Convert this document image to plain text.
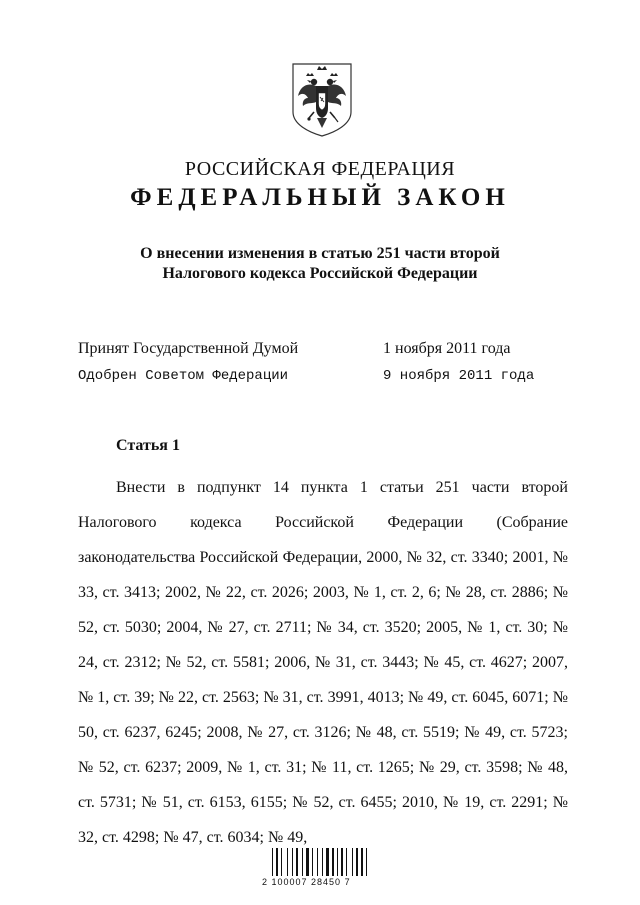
РОССИЙСКАЯ ФЕДЕРАЦИЯ
ФЕДЕРАЛЬНЫЙ ЗАКОН
О внесении изменения в статью 251 части второй
Налогового кодекса Российской Федерации
Принят Государственной Думой	1 ноября 2011 года
Одобрен Советом Федерации	9 ноября 2011 года
Статья 1

Внести в подпункт 14 пункта 1 статьи 251 части второй Налогового кодекса Российской Федерации (Собрание законодательства Российской Федерации, 2000, № 32, ст. 3340; 2001, № 33, ст. 3413; 2002, № 22, ст. 2026; 2003, № 1, ст. 2, 6; № 28, ст. 2886; № 52, ст. 5030; 2004, № 27, ст. 2711; № 34, ст. 3520; 2005, № 1, ст. 30; № 24, ст. 2312; № 52, ст. 5581; 2006, № 31, ст. 3443; № 45, ст. 4627; 2007, № 1, ст. 39; № 22, ст. 2563; № 31, ст. 3991, 4013; № 49, ст. 6045, 6071; № 50, ст. 6237, 6245; 2008, № 27, ст. 3126; № 48, ст. 5519; № 49, ст. 5723; № 52, ст. 6237; 2009, № 1, ст. 31; № 11, ст. 1265; № 29, ст. 3598; № 48, ст. 5731; № 51, ст. 6153, 6155; № 52, ст. 6455; 2010, № 19, ст. 2291; № 32, ст. 4298; № 47, ст. 6034; № 49,

2 100007 28450 7
